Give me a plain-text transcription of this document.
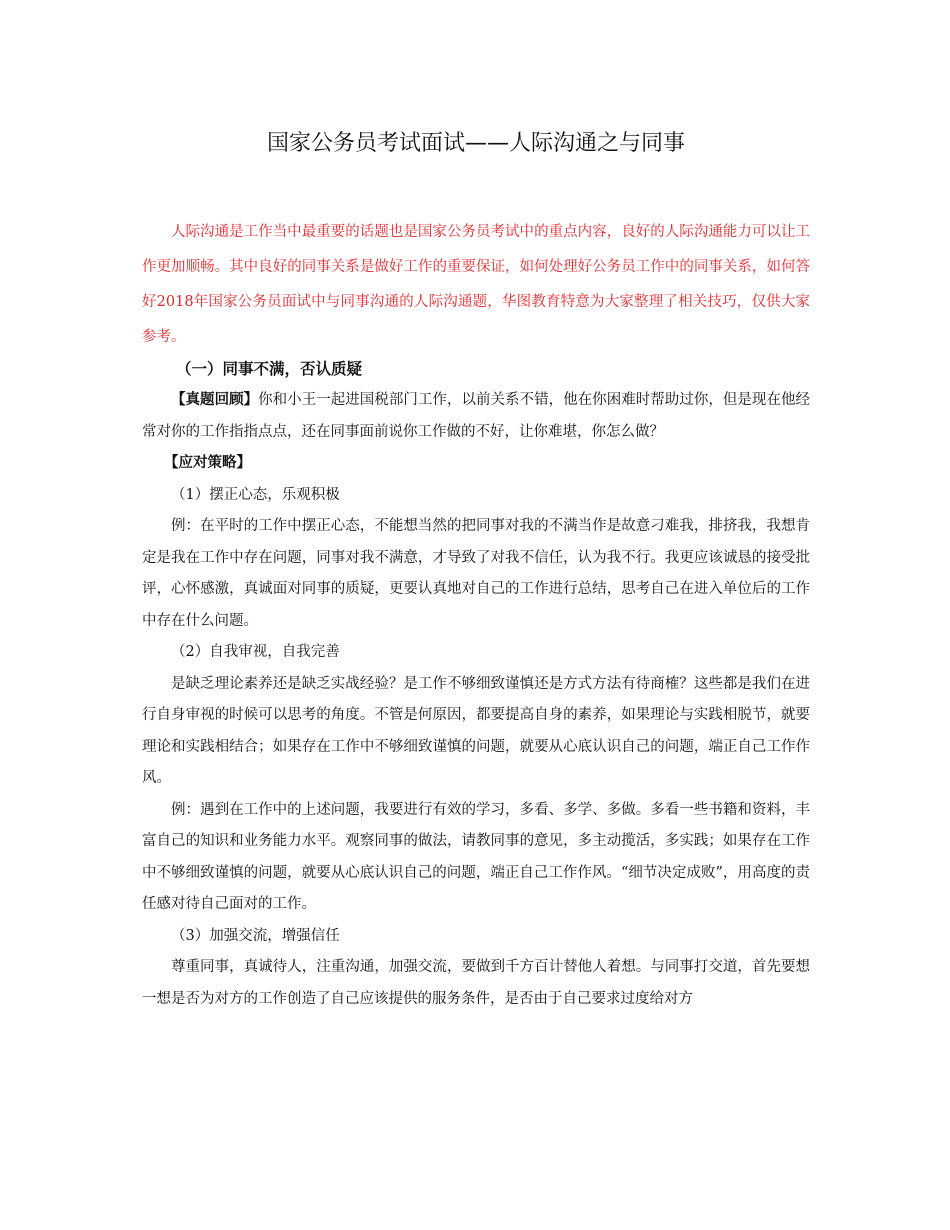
国家公务员考试面试——人际沟通之与同事

人际沟通是工作当中最重要的话题也是国家公务员考试中的重点内容，良好的人际沟通能力可以让工作更加顺畅。其中良好的同事关系是做好工作的重要保证，如何处理好公务员工作中的同事关系，如何答好2018年国家公务员面试中与同事沟通的人际沟通题，华图教育特意为大家整理了相关技巧，仅供大家参考。

（一）同事不满，否认质疑

【真题回顾】你和小王一起进国税部门工作，以前关系不错，他在你困难时帮助过你，但是现在他经常对你的工作指指点点，还在同事面前说你工作做的不好，让你难堪，你怎么做？

【应对策略】

（1）摆正心态，乐观积极

例：在平时的工作中摆正心态，不能想当然的把同事对我的不满当作是故意刁难我，排挤我，我想肯定是我在工作中存在问题，同事对我不满意，才导致了对我不信任，认为我不行。我更应该诚恳的接受批评，心怀感激，真诚面对同事的质疑，更要认真地对自己的工作进行总结，思考自己在进入单位后的工作中存在什么问题。

（2）自我审视，自我完善

是缺乏理论素养还是缺乏实战经验？是工作不够细致谨慎还是方式方法有待商榷？这些都是我们在进行自身审视的时候可以思考的角度。不管是何原因，都要提高自身的素养，如果理论与实践相脱节，就要理论和实践相结合；如果存在工作中不够细致谨慎的问题，就要从心底认识自己的问题，端正自己工作作风。

例：遇到在工作中的上述问题，我要进行有效的学习，多看、多学、多做。多看一些书籍和资料，丰富自己的知识和业务能力水平。观察同事的做法，请教同事的意见，多主动揽活，多实践；如果存在工作中不够细致谨慎的问题，就要从心底认识自己的问题，端正自己工作作风。“细节决定成败”，用高度的责任感对待自己面对的工作。

（3）加强交流，增强信任

尊重同事，真诚待人，注重沟通，加强交流，要做到千方百计替他人着想。与同事打交道，首先要想一想是否为对方的工作创造了自己应该提供的服务条件，是否由于自己要求过度给对方
